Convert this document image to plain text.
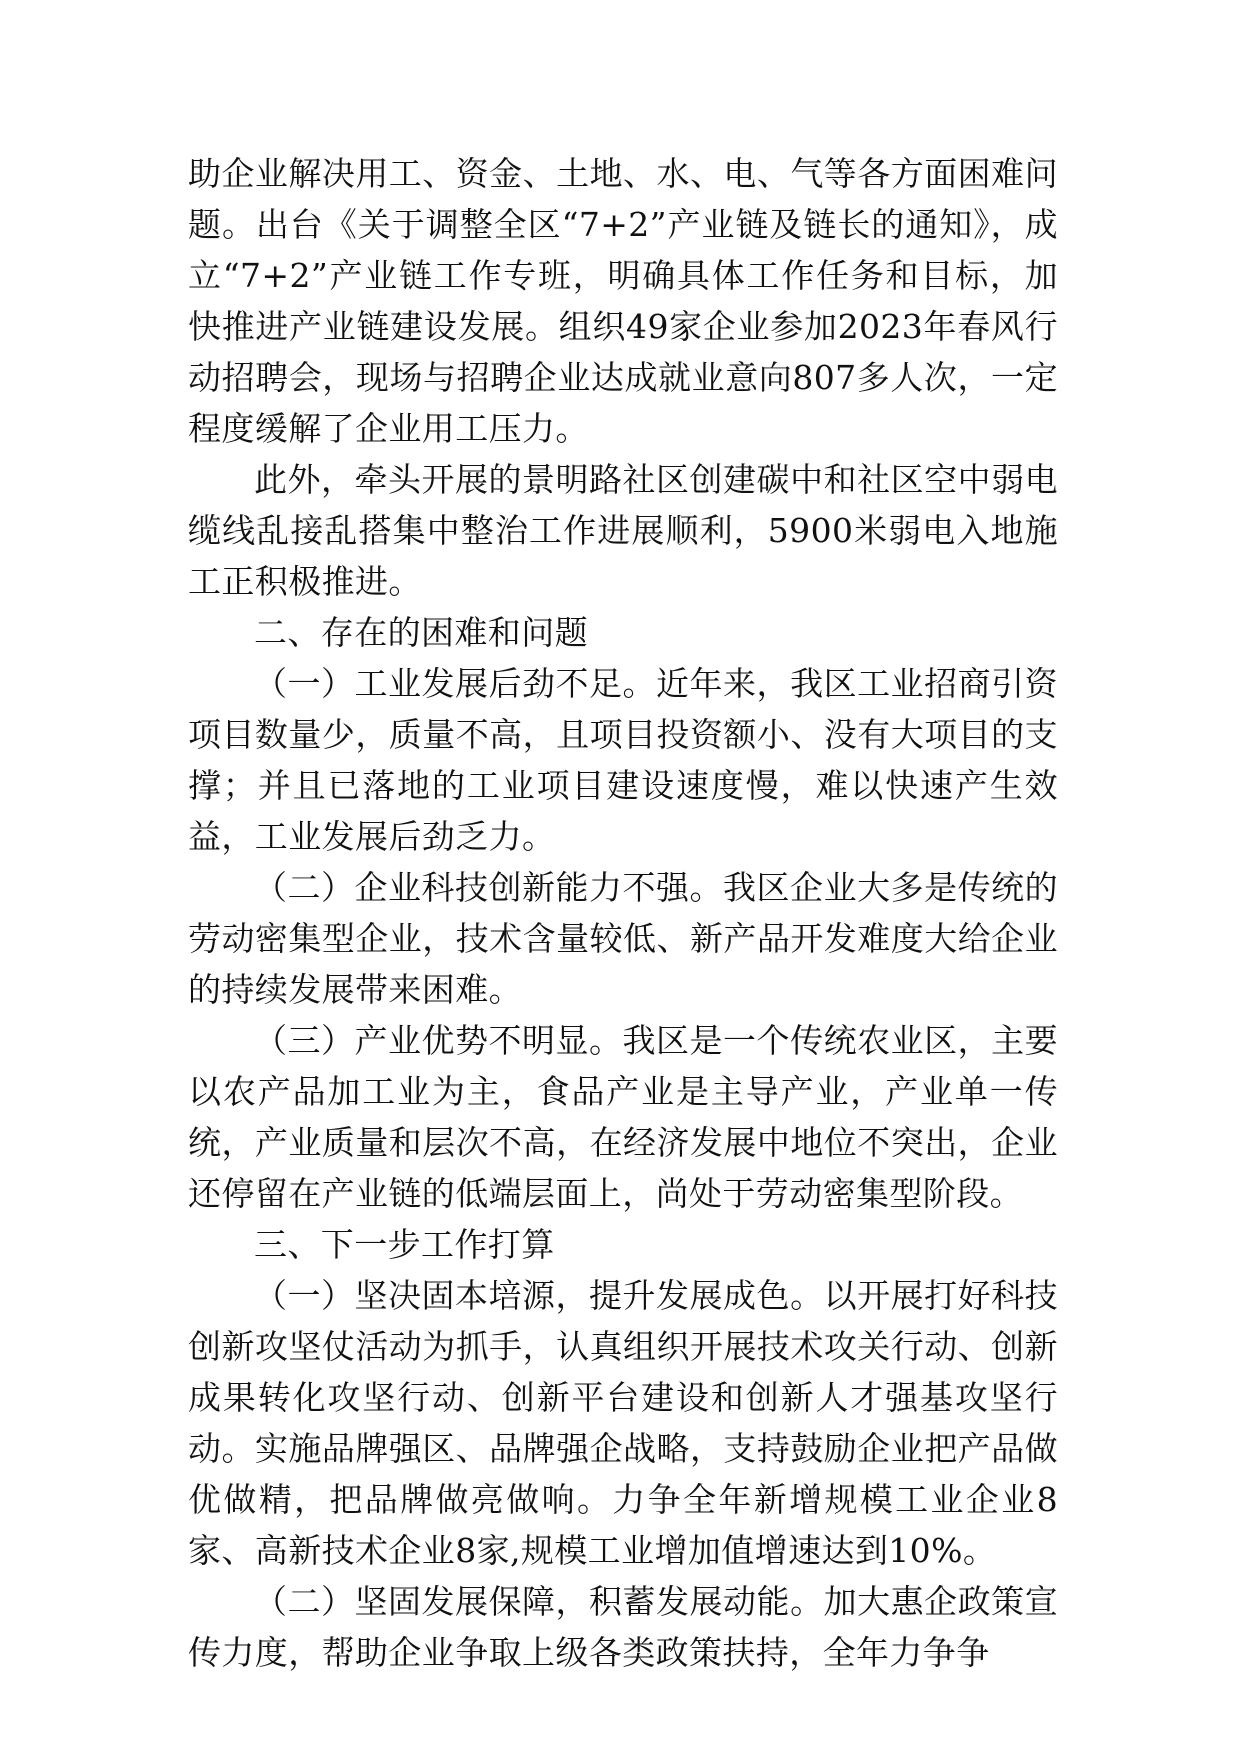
助企业解决用工、资金、土地、水、电、气等各方面困难问题。出台《关于调整全区“7+2”产业链及链长的通知》，成立“7+2”产业链工作专班，明确具体工作任务和目标，加快推进产业链建设发展。组织49家企业参加2023年春风行动招聘会，现场与招聘企业达成就业意向807多人次，一定程度缓解了企业用工压力。

此外，牵头开展的景明路社区创建碳中和社区空中弱电缆线乱接乱搭集中整治工作进展顺利，5900米弱电入地施工正积极推进。

二、存在的困难和问题

（一）工业发展后劲不足。近年来，我区工业招商引资项目数量少，质量不高，且项目投资额小、没有大项目的支撑；并且已落地的工业项目建设速度慢，难以快速产生效益，工业发展后劲乏力。

（二）企业科技创新能力不强。我区企业大多是传统的劳动密集型企业，技术含量较低、新产品开发难度大给企业的持续发展带来困难。

（三）产业优势不明显。我区是一个传统农业区，主要以农产品加工业为主，食品产业是主导产业，产业单一传统，产业质量和层次不高，在经济发展中地位不突出，企业还停留在产业链的低端层面上，尚处于劳动密集型阶段。

三、下一步工作打算

（一）坚决固本培源，提升发展成色。以开展打好科技创新攻坚仗活动为抓手，认真组织开展技术攻关行动、创新成果转化攻坚行动、创新平台建设和创新人才强基攻坚行动。实施品牌强区、品牌强企战略，支持鼓励企业把产品做优做精，把品牌做亮做响。力争全年新增规模工业企业8家、高新技术企业8家,规模工业增加值增速达到10%。

（二）坚固发展保障，积蓄发展动能。加大惠企政策宣传力度，帮助企业争取上级各类政策扶持，全年力争争
